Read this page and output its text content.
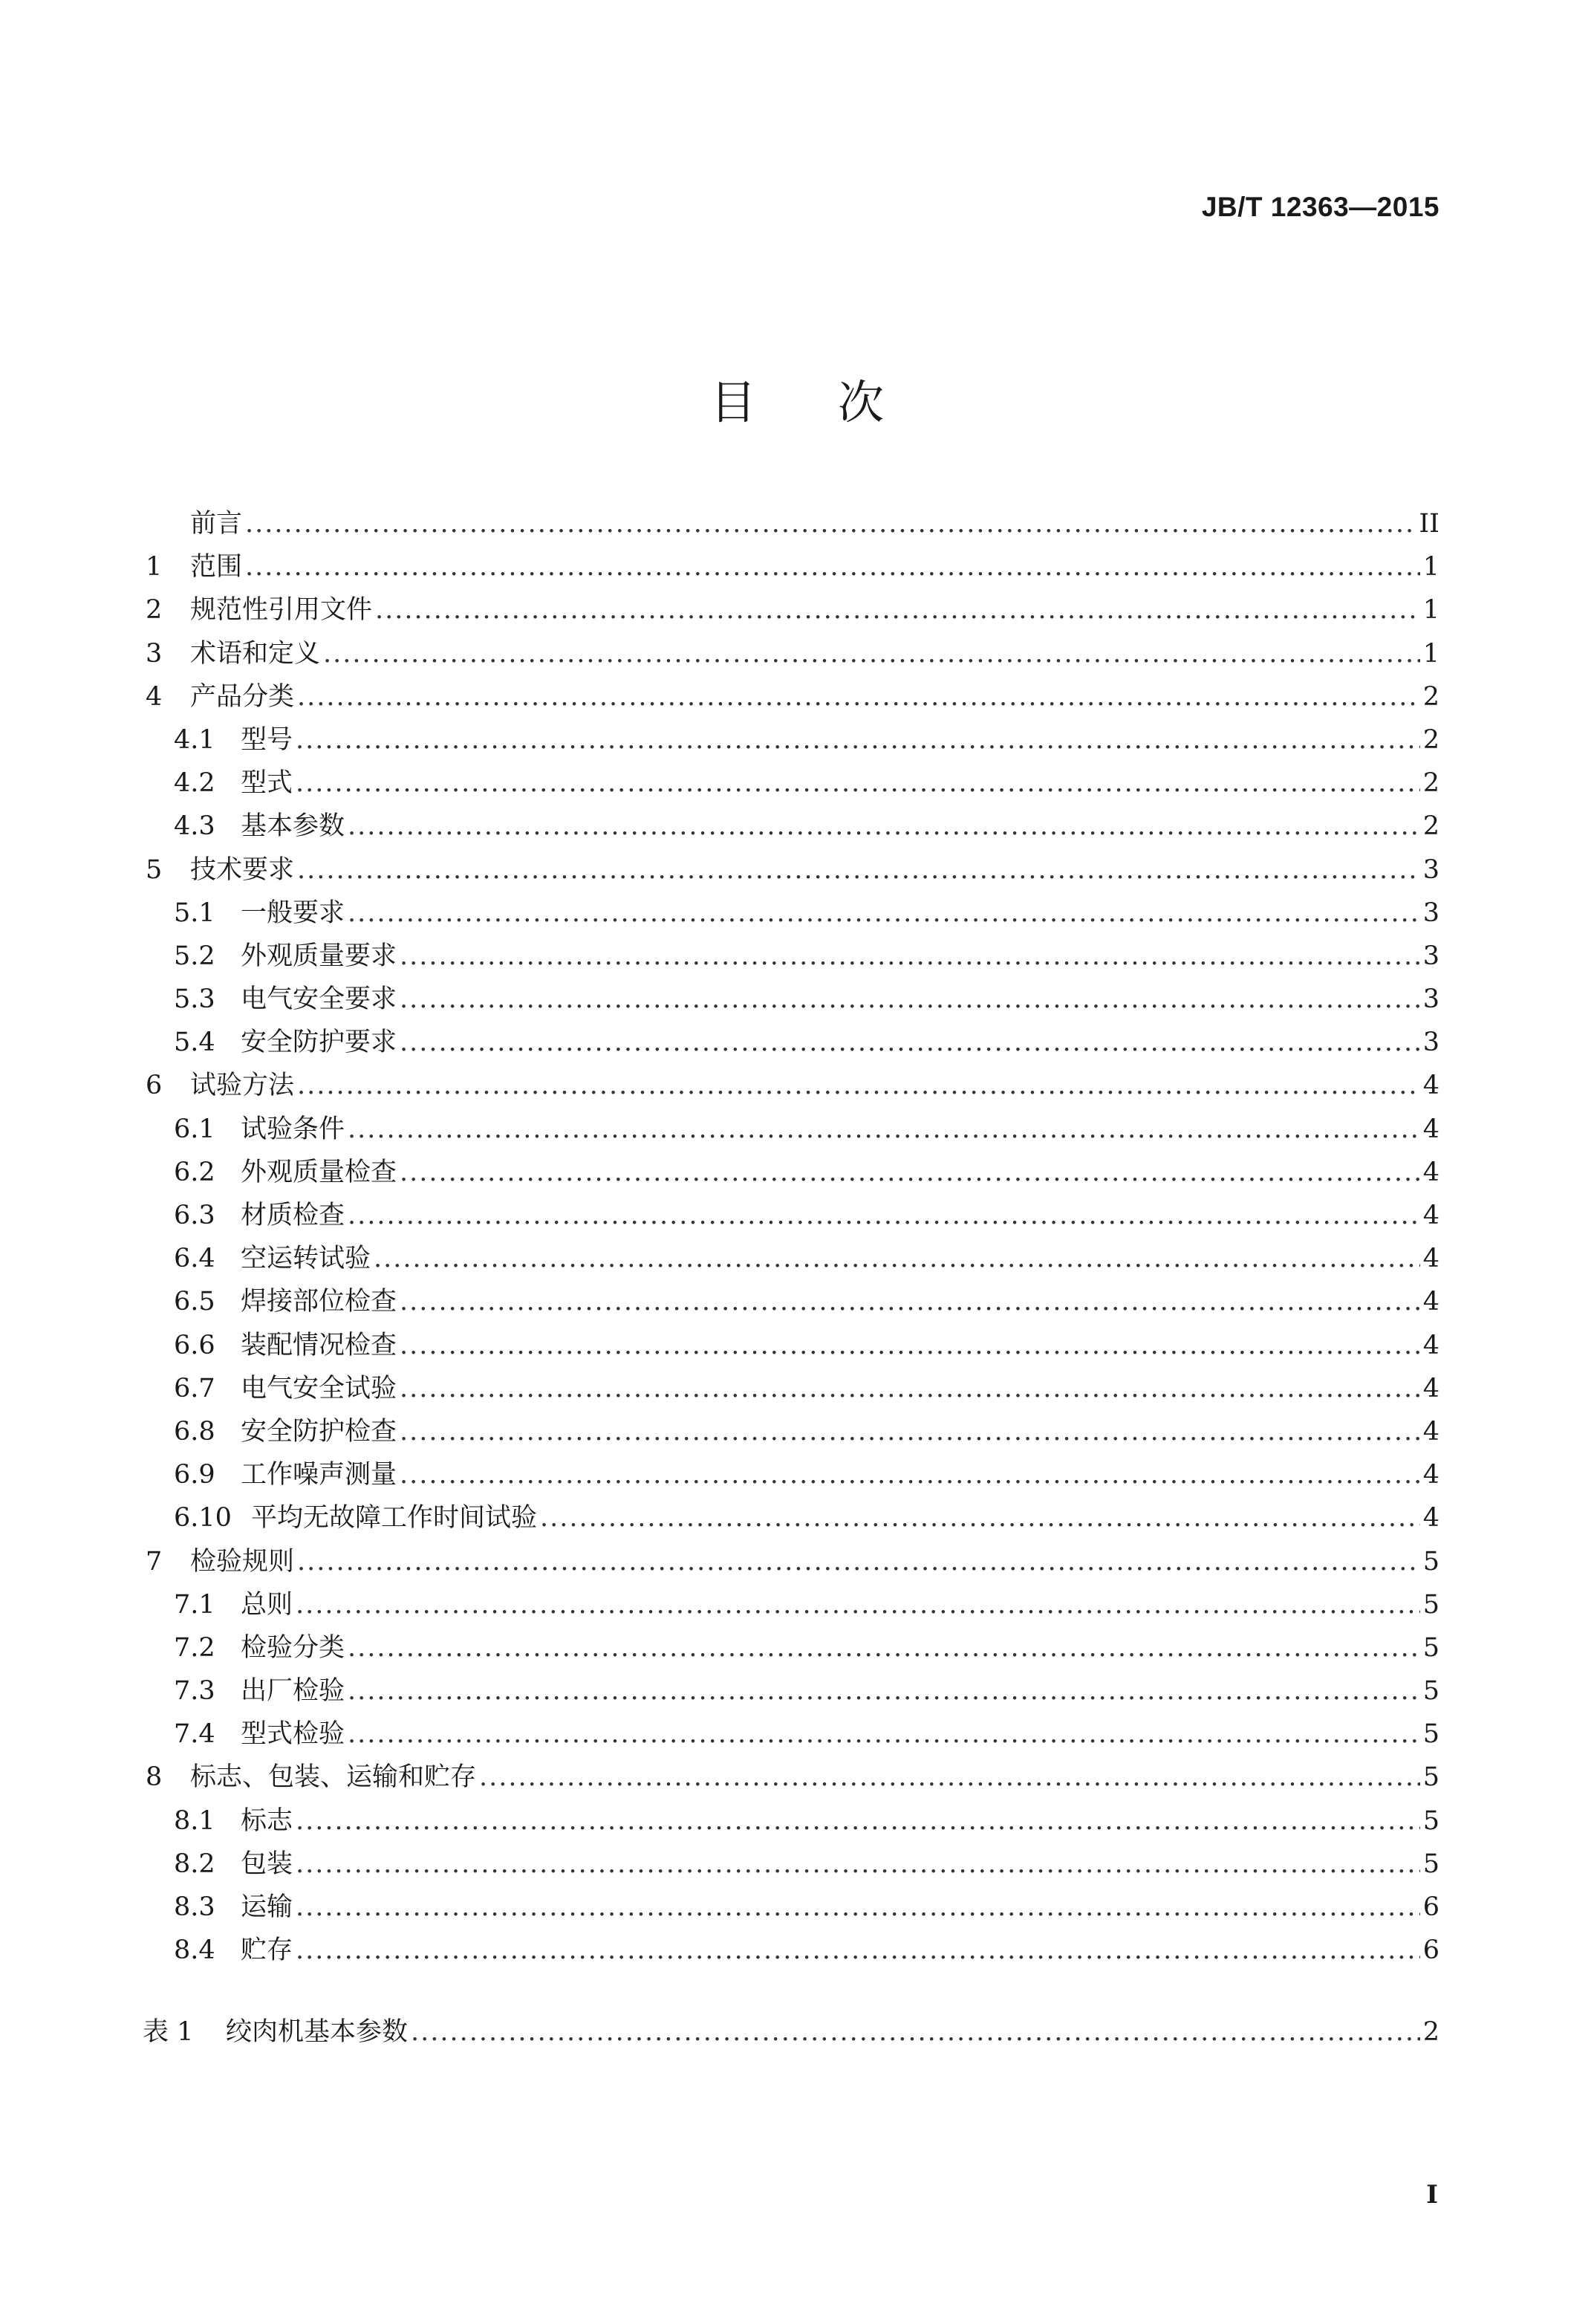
JB/T 12363—2015
目次
前言 .....	II
1	范围 .....	1
2	规范性引用文件 .....	1
3	术语和定义 .....	1
4	产品分类 .....	2
4.1 型号 .....	2
4.2 型式 .....	2
4.3 基本参数 .....	2
5	技术要求 .....	3
5.1 一般要求 .....	3
5.2 外观质量要求 .....	3
5.3 电气安全要求 .....	3
5.4 安全防护要求 .....	3
6	试验方法 .....	4
6.1 试验条件 .....	4
6.2 外观质量检查 .....	4
6.3 材质检查 .....	4
6.4 空运转试验 .....	4
6.5 焊接部位检查 .....	4
6.6 装配情况检查 .....	4
6.7 电气安全试验 .....	4
6.8 安全防护检查 .....	4
6.9 工作噪声测量 .....	4
6.10 平均无故障工作时间试验 .....	4
7	检验规则 .....	5
7.1 总则 .....	5
7.2 检验分类 .....	5
7.3 出厂检验 .....	5
7.4 型式检验 .....	5
8	标志、包装、运输和贮存 .....	5
8.1 标志 .....	5
8.2 包装 .....	5
8.3 运输 .....	6
8.4 贮存 .....	6
表 1	绞肉机基本参数 .....	2
I
